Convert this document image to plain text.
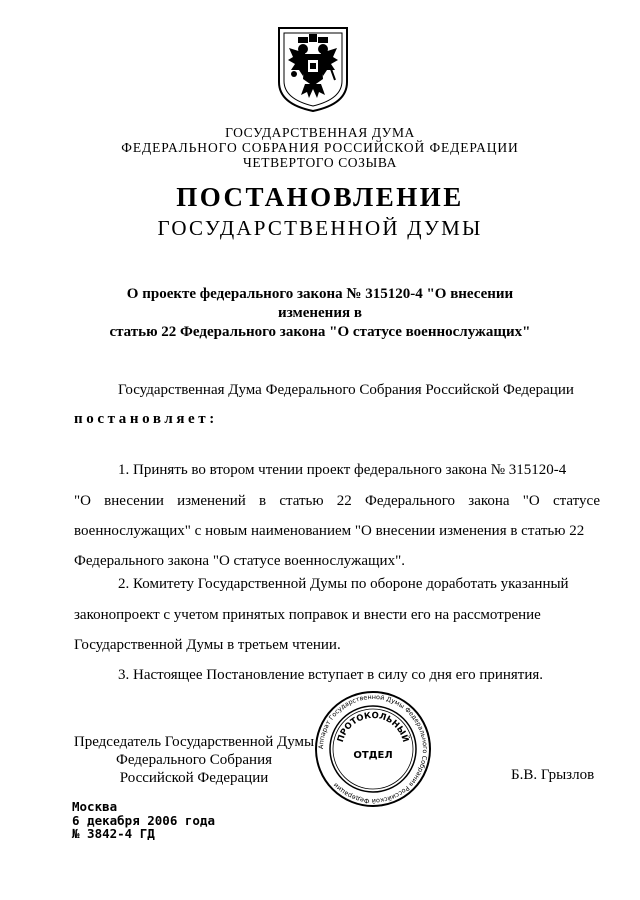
ГОСУДАРСТВЕННАЯ ДУМА
ФЕДЕРАЛЬНОГО СОБРАНИЯ РОССИЙСКОЙ ФЕДЕРАЦИИ
ЧЕТВЕРТОГО СОЗЫВА
ПОСТАНОВЛЕНИЕ
ГОСУДАРСТВЕННОЙ ДУМЫ
О проекте федерального закона № 315120-4 "О внесении изменения в
статью 22 Федерального закона "О статусе военнослужащих"
Государственная Дума Федерального Собрания Российской Федерации
постановляет:
1. Принять во втором чтении проект федерального закона № 315120-4
"О внесении изменений в статью 22 Федерального закона "О статусе
военнослужащих" с новым наименованием "О внесении изменения в статью 22
Федерального закона "О статусе военнослужащих".
2. Комитету Государственной Думы по обороне доработать указанный
законопроект с учетом принятых поправок и внести его на рассмотрение
Государственной Думы в третьем чтении.
3. Настоящее Постановление вступает в силу со дня его принятия.
Председатель Государственной Думы
Федерального Собрания
Российской Федерации	Б.В. Грызлов
Аппарат Государственной Думы Федерального Собрания Российской Федерации
ПРОТОКОЛЬНЫЙ
ОТДЕЛ
Москва
6 декабря 2006 года
№ 3842-4 ГД
